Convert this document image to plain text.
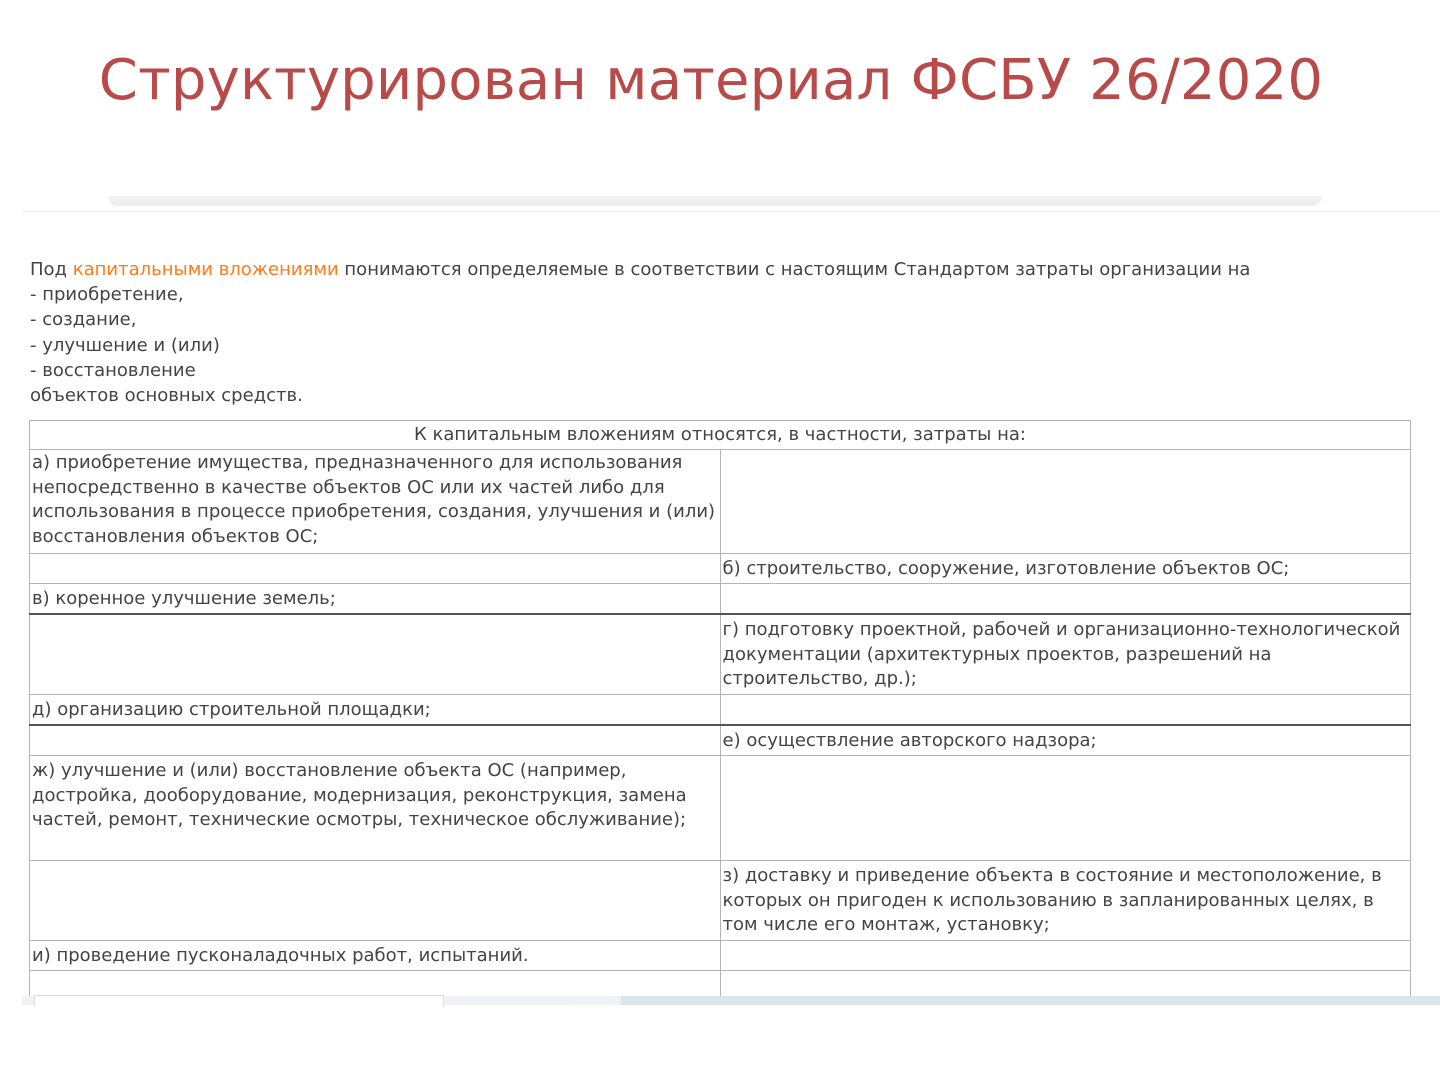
Структурирован материал ФСБУ 26/2020
Под капитальными вложениями понимаются определяемые в соответствии с настоящим Стандартом затраты организации на
- приобретение,
- создание,
- улучшение и (или)
- восстановление
объектов основных средств.
К капитальным вложениям относятся, в частности, затраты на:	
а) приобретение имущества, предназначенного для использования непосредственно в качестве объектов ОС или их частей либо для использования в процессе приобретения, создания, улучшения и (или) восстановления объектов ОС;	
	б) строительство, сооружение, изготовление объектов ОС;
в) коренное улучшение земель;	
	г) подготовку проектной, рабочей и организационно-технологической документации (архитектурных проектов, разрешений на строительство, др.);
д) организацию строительной площадки;	
	е) осуществление авторского надзора;
ж) улучшение и (или) восстановление объекта ОС (например, достройка, дооборудование, модернизация, реконструкция, замена частей, ремонт, технические осмотры, техническое обслуживание);	
	з) доставку и приведение объекта в состояние и местоположение, в которых он пригоден к использованию в запланированных целях, в том числе его монтаж, установку;
и) проведение пусконаладочных работ, испытаний.	
